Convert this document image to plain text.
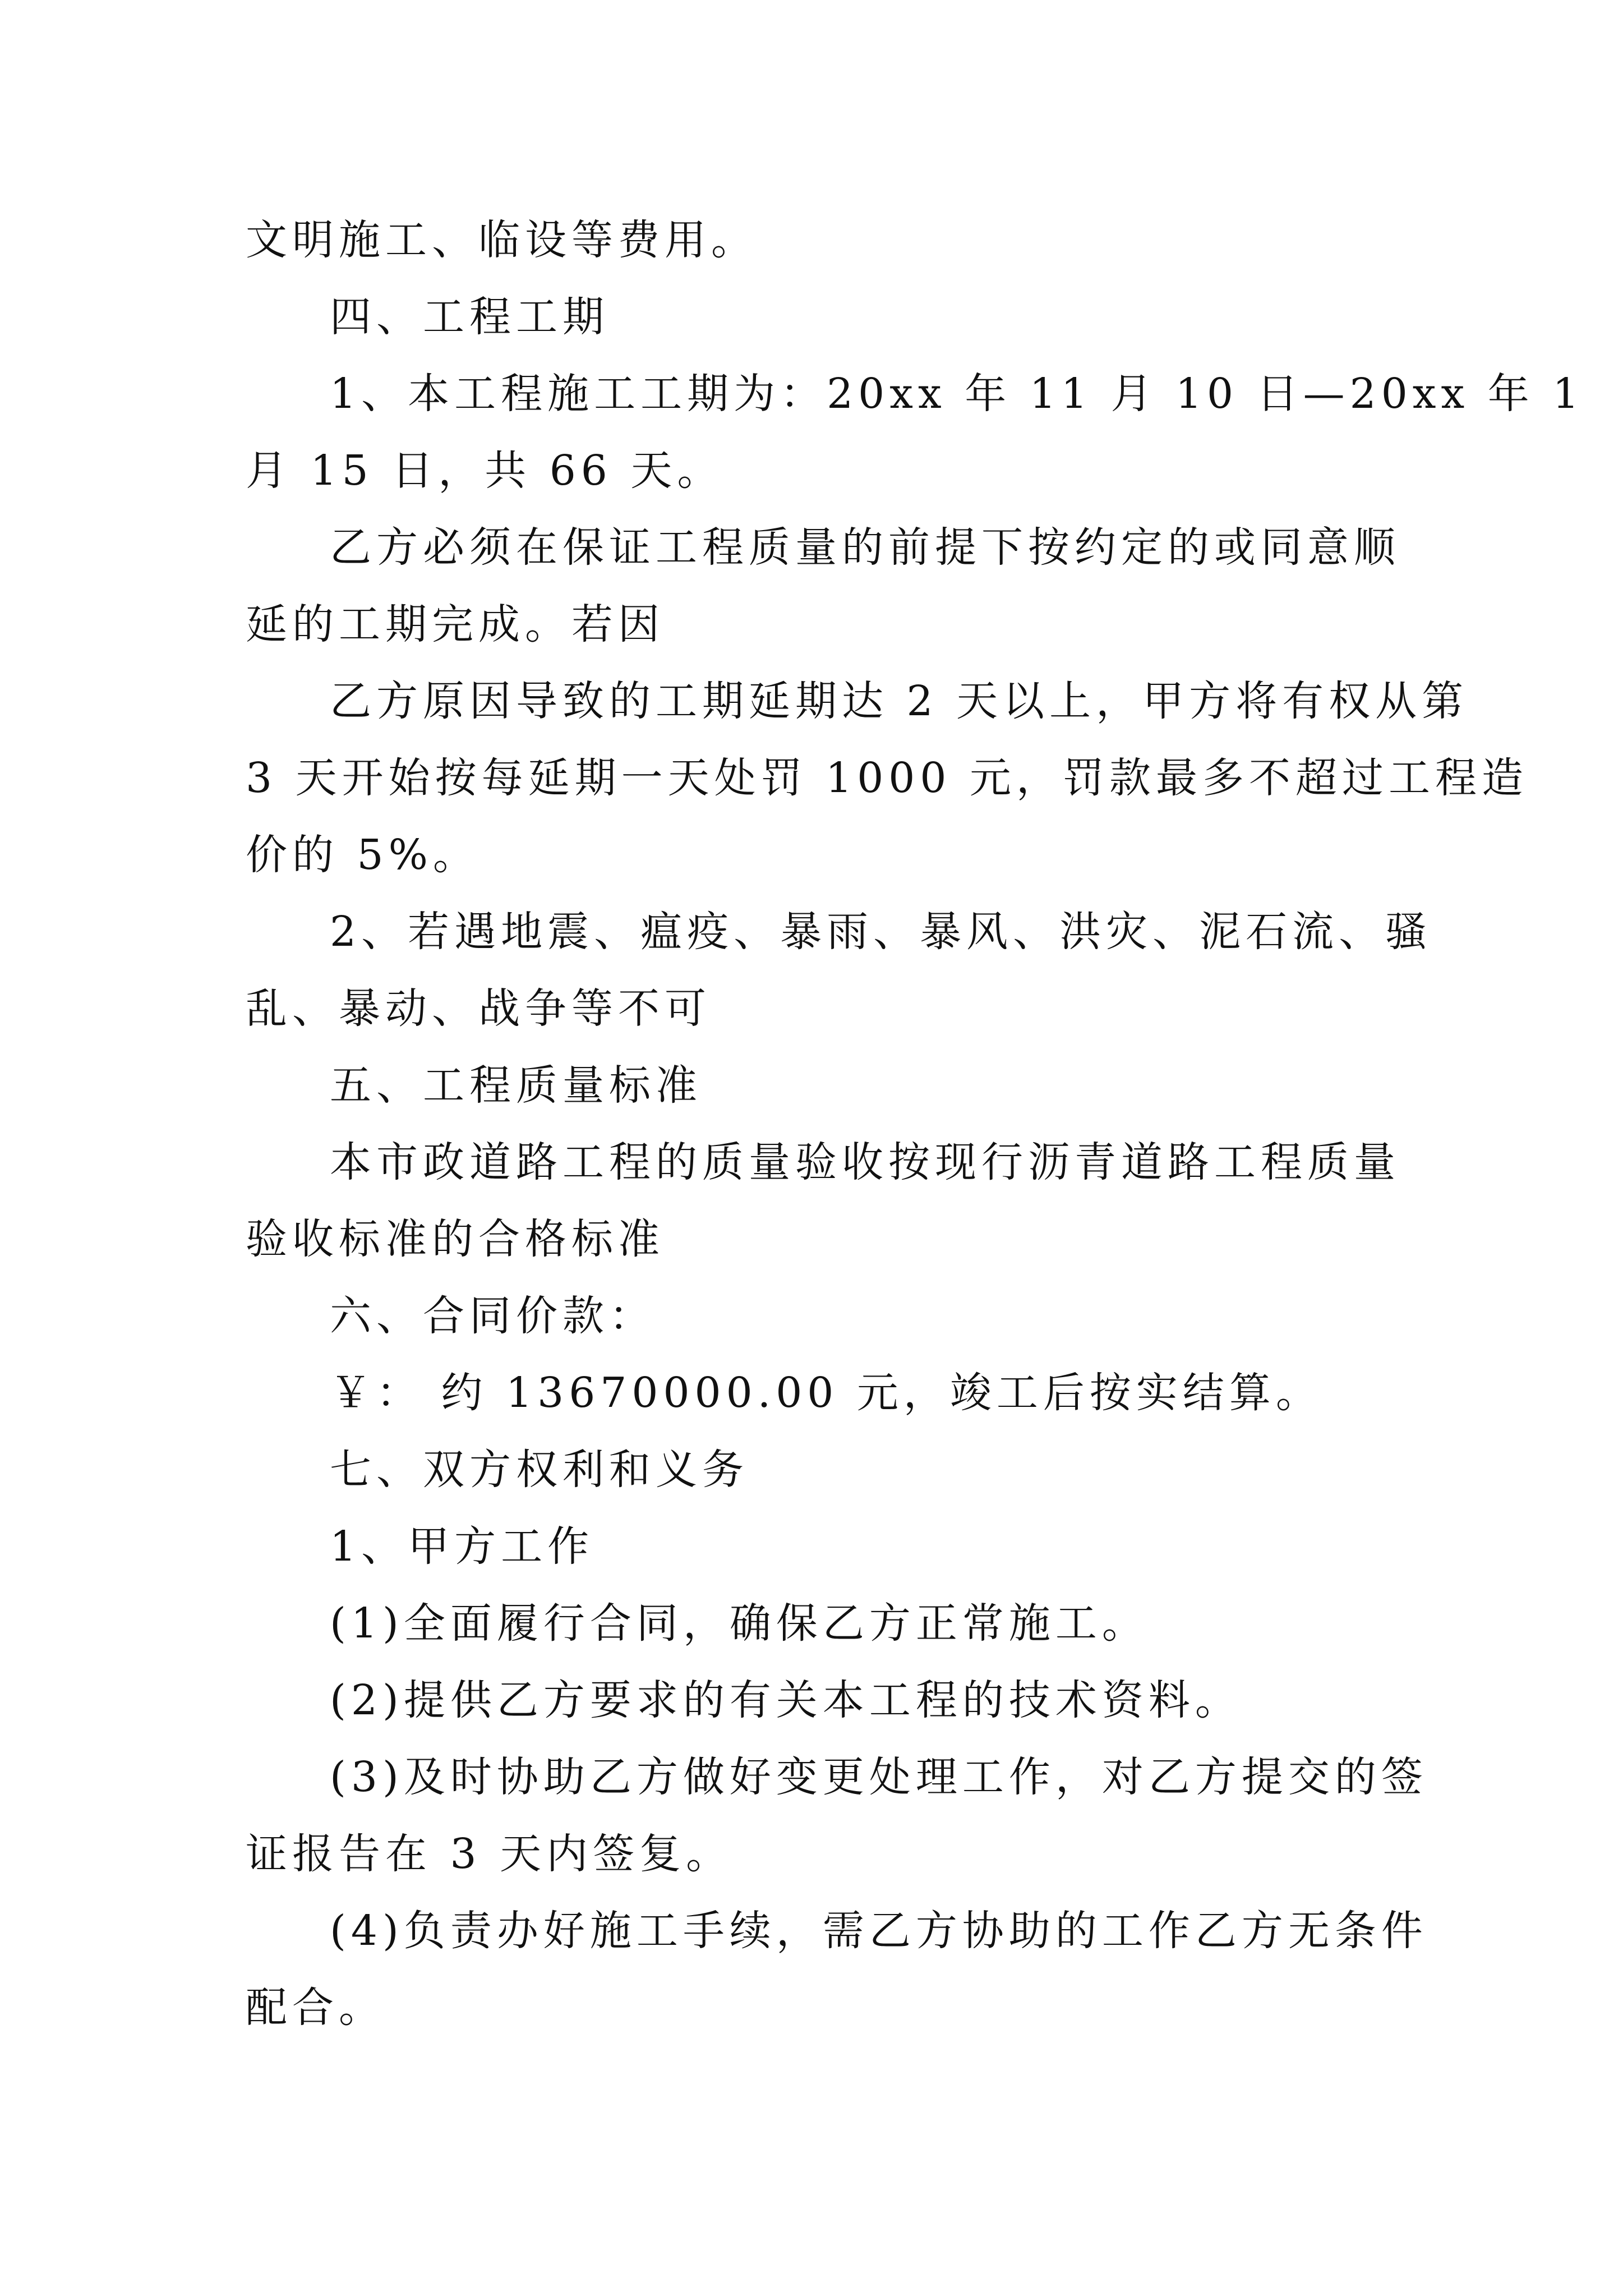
文明施工、临设等费用。
四、工程工期
1、本工程施工工期为：20xx 年 11 月 10 日—20xx 年 1
月 15 日，共 66 天。
乙方必须在保证工程质量的前提下按约定的或同意顺
延的工期完成。若因
乙方原因导致的工期延期达 2 天以上，甲方将有权从第
3 天开始按每延期一天处罚 1000 元，罚款最多不超过工程造
价的 5%。
2、若遇地震、瘟疫、暴雨、暴风、洪灾、泥石流、骚
乱、暴动、战争等不可
五、工程质量标准
本市政道路工程的质量验收按现行沥青道路工程质量
验收标准的合格标准
六、合同价款：
￥： 约 13670000.00 元，竣工后按实结算。
七、双方权利和义务
1、甲方工作
(1)全面履行合同，确保乙方正常施工。
(2)提供乙方要求的有关本工程的技术资料。
(3)及时协助乙方做好变更处理工作，对乙方提交的签
证报告在 3 天内签复。
(4)负责办好施工手续，需乙方协助的工作乙方无条件
配合。
